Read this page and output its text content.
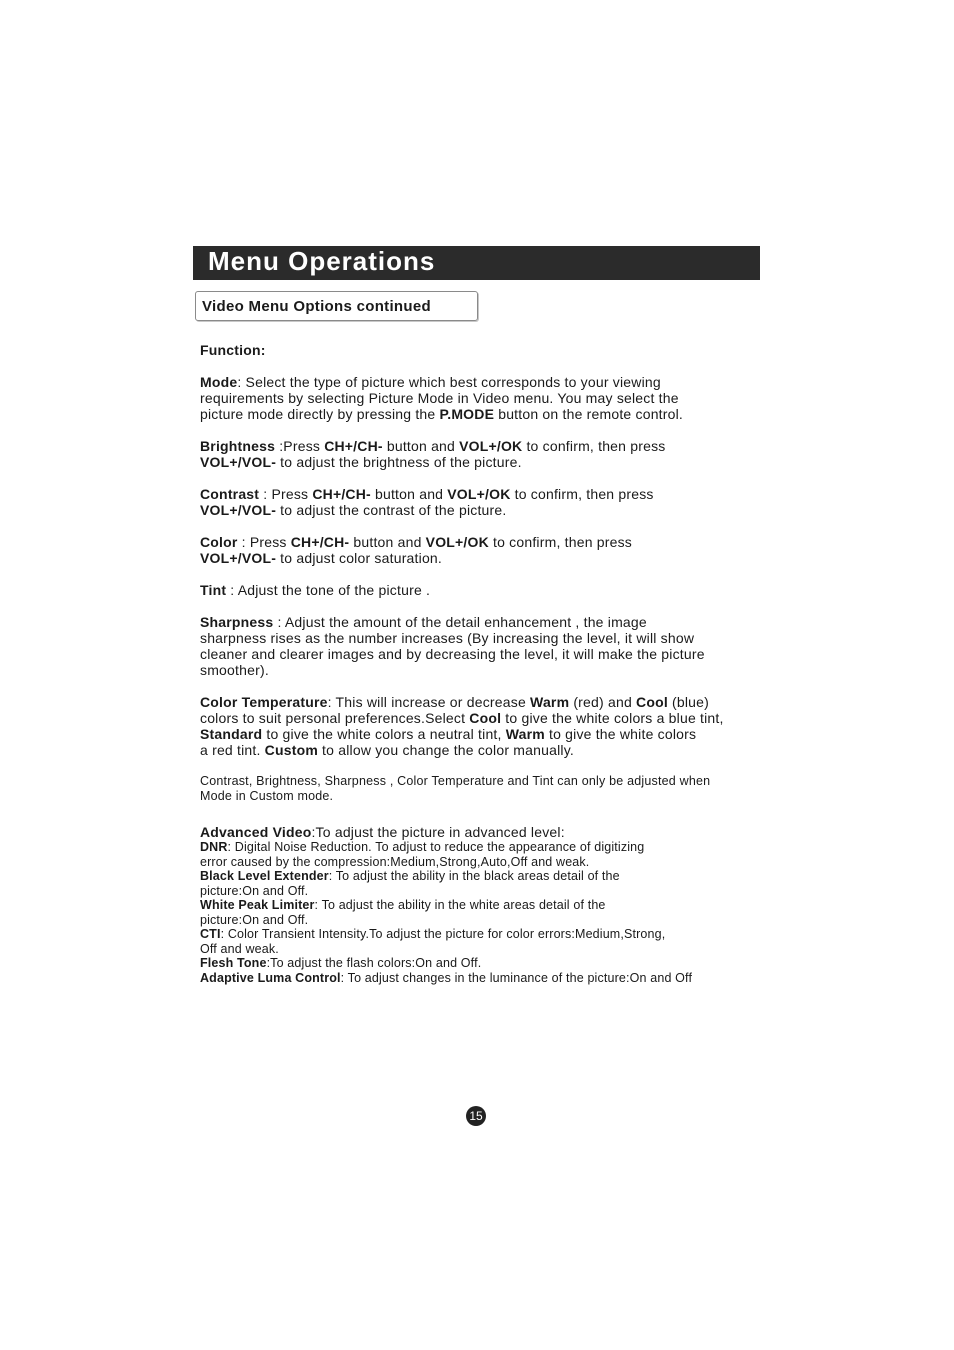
Menu Operations
Video Menu Options continued
Function:
Mode: Select the type of picture which best corresponds to your viewing
requirements by selecting Picture Mode in Video menu. You may select the
picture mode directly by pressing the P.MODE button on the remote control.
Brightness :Press CH+/CH- button and VOL+/OK to confirm, then press
VOL+/VOL- to adjust the brightness of the picture.
Contrast : Press CH+/CH- button and VOL+/OK to confirm, then press
VOL+/VOL- to adjust the contrast of the picture.
Color : Press CH+/CH- button and VOL+/OK to confirm, then press
VOL+/VOL- to adjust color saturation.
Tint : Adjust the tone of the picture .
Sharpness : Adjust the amount of the detail enhancement , the image
sharpness rises as the number increases (By increasing the level, it will show
cleaner and clearer images and by decreasing the level, it will make the picture
smoother).
Color Temperature: This will increase or decrease Warm (red) and Cool (blue)
colors to suit personal preferences.Select Cool to give the white colors a blue tint,
Standard to give the white colors a neutral tint, Warm to give the white colors
a red tint. Custom to allow you change the color manually.
Contrast, Brightness, Sharpness , Color Temperature and Tint can only be adjusted when
Mode in Custom mode.
Advanced Video:To adjust the picture in advanced level:
DNR: Digital Noise Reduction. To adjust to reduce the appearance of digitizing
error caused by the compression:Medium,Strong,Auto,Off and weak.
Black Level Extender: To adjust the ability in the black areas detail of the
picture:On and Off.
White Peak Limiter: To adjust the ability in the white areas detail of the
picture:On and Off.
CTI: Color Transient Intensity.To adjust the picture for color errors:Medium,Strong,
Off and weak.
Flesh Tone:To adjust the flash colors:On and Off.
Adaptive Luma Control: To adjust changes in the luminance of the picture:On and Off
15
